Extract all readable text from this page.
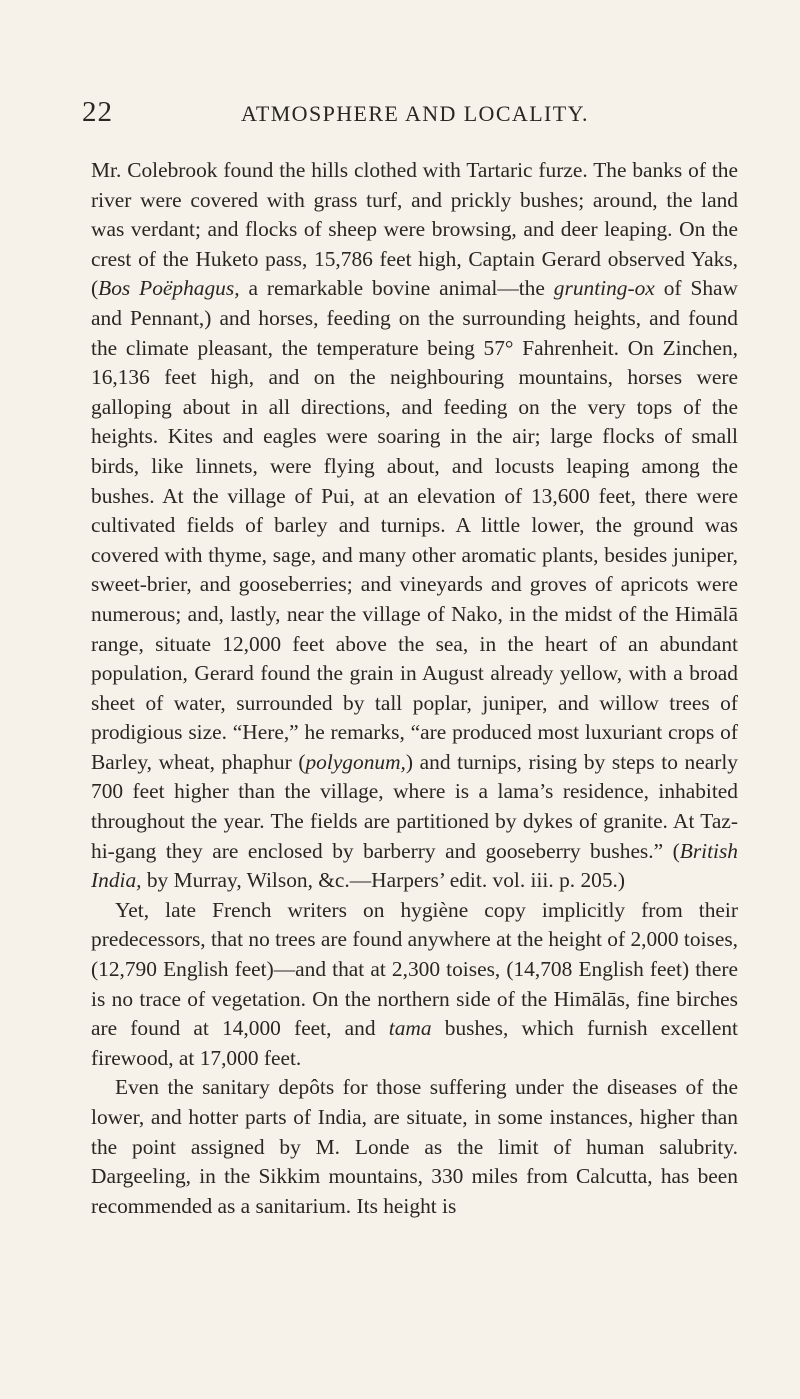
22	ATMOSPHERE AND LOCALITY.

Mr. Colebrook found the hills clothed with Tartaric furze. The banks of the river were covered with grass turf, and prickly bushes; around, the land was verdant; and flocks of sheep were browsing, and deer leaping. On the crest of the Huketo pass, 15,786 feet high, Captain Gerard observed Yaks, (Bos Poëphagus, a remarkable bovine animal—the grunting-ox of Shaw and Pennant,) and horses, feeding on the surrounding heights, and found the climate pleasant, the temperature being 57° Fahrenheit. On Zinchen, 16,136 feet high, and on the neighbouring mountains, horses were galloping about in all directions, and feeding on the very tops of the heights. Kites and eagles were soaring in the air; large flocks of small birds, like linnets, were flying about, and locusts leaping among the bushes. At the village of Pui, at an elevation of 13,600 feet, there were cultivated fields of barley and turnips. A little lower, the ground was covered with thyme, sage, and many other aromatic plants, besides juniper, sweet-brier, and gooseberries; and vineyards and groves of apricots were numerous; and, lastly, near the village of Nako, in the midst of the Himālā range, situate 12,000 feet above the sea, in the heart of an abundant population, Gerard found the grain in August already yellow, with a broad sheet of water, surrounded by tall poplar, juniper, and willow trees of prodigious size. “Here,” he remarks, “are produced most luxuriant crops of Barley, wheat, phaphur (polygonum,) and turnips, rising by steps to nearly 700 feet higher than the village, where is a lama’s residence, inhabited throughout the year. The fields are partitioned by dykes of granite. At Taz-hi-gang they are enclosed by barberry and gooseberry bushes.” (British India, by Murray, Wilson, &c.—Harpers’ edit. vol. iii. p. 205.)

Yet, late French writers on hygiène copy implicitly from their predecessors, that no trees are found anywhere at the height of 2,000 toises, (12,790 English feet)—and that at 2,300 toises, (14,708 English feet) there is no trace of vegetation. On the northern side of the Himālās, fine birches are found at 14,000 feet, and tama bushes, which furnish excellent firewood, at 17,000 feet.

Even the sanitary depôts for those suffering under the diseases of the lower, and hotter parts of India, are situate, in some instances, higher than the point assigned by M. Londe as the limit of human salubrity. Dargeeling, in the Sikkim mountains, 330 miles from Calcutta, has been recommended as a sanitarium. Its height is
